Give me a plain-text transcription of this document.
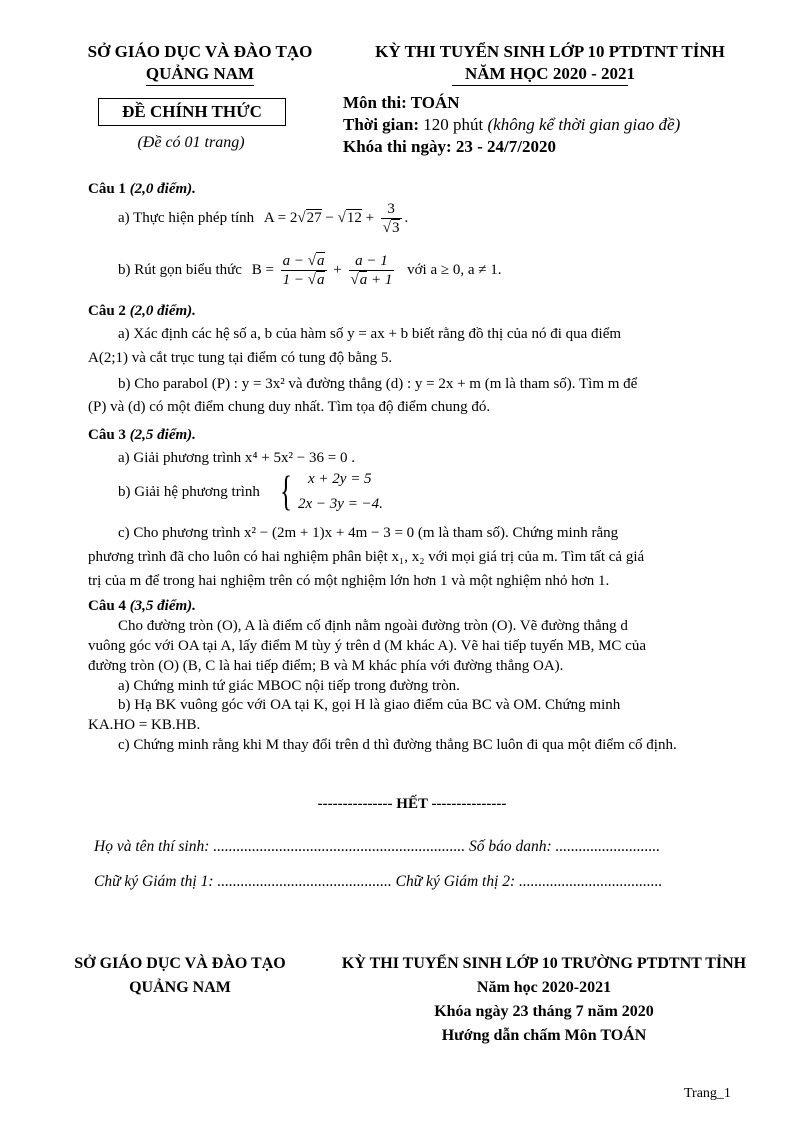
SỞ GIÁO DỤC VÀ ĐÀO TẠO
QUẢNG NAM
KỲ THI TUYỂN SINH LỚP 10 PTDTNT TỈNH
NĂM HỌC 2020 - 2021
ĐỀ CHÍNH THỨC
(Đề có 01 trang)
Môn thi: TOÁN
Thời gian: 120 phút (không kể thời gian giao đề)
Khóa thi ngày: 23 - 24/7/2020
Câu 1 (2,0 điểm).
a) Thực hiện phép tính $A = 2√27 - √12 + \frac{3}{√3}$ .
b) Rút gọn biểu thức $B = \frac{a - √a}{1 - √a} + \frac{a - 1}{√a + 1}$ với a ≥ 0, a ≠ 1.
Câu 2 (2,0 điểm).
a) Xác định các hệ số a, b của hàm số y = ax + b biết rằng đồ thị của nó đi qua điểm
A(2;1) và cắt trục tung tại điểm có tung độ bằng 5.
b) Cho parabol (P) : y = 3x² và đường thẳng (d) : y = 2x + m (m là tham số). Tìm m để
(P) và (d) có một điểm chung duy nhất. Tìm tọa độ điểm chung đó.
Câu 3 (2,5 điểm).
a) Giải phương trình x⁴ + 5x² − 36 = 0 .
b) Giải hệ phương trình { x + 2y = 5
2x − 3y = −4.
c) Cho phương trình x² − (2m + 1)x + 4m − 3 = 0 (m là tham số). Chứng minh rằng
phương trình đã cho luôn có hai nghiệm phân biệt x₁, x₂ với mọi giá trị của m. Tìm tất cả giá
trị của m để trong hai nghiệm trên có một nghiệm lớn hơn 1 và một nghiệm nhỏ hơn 1.
Câu 4 (3,5 điểm).
Cho đường tròn (O), A là điểm cố định nằm ngoài đường tròn (O). Vẽ đường thẳng d
vuông góc với OA tại A, lấy điểm M tùy ý trên d (M khác A). Vẽ hai tiếp tuyến MB, MC của
đường tròn (O) (B, C là hai tiếp điểm; B và M khác phía với đường thẳng OA).
a) Chứng minh tứ giác MBOC nội tiếp trong đường tròn.
b) Hạ BK vuông góc với OA tại K, gọi H là giao điểm của BC và OM. Chứng minh
KA.HO = KB.HB.
c) Chứng minh rằng khi M thay đổi trên d thì đường thẳng BC luôn đi qua một điểm cố định.
--------------- HẾT ---------------
Họ và tên thí sinh: ................................................................. Số báo danh: ...........................
Chữ ký Giám thị 1: ............................................. Chữ ký Giám thị 2: .....................................
SỞ GIÁO DỤC VÀ ĐÀO TẠO
QUẢNG NAM
KỲ THI TUYỂN SINH LỚP 10 TRƯỜNG PTDTNT TỈNH
Năm học 2020-2021
Khóa ngày 23 tháng 7 năm 2020
Hướng dẫn chấm Môn TOÁN
Trang_1
